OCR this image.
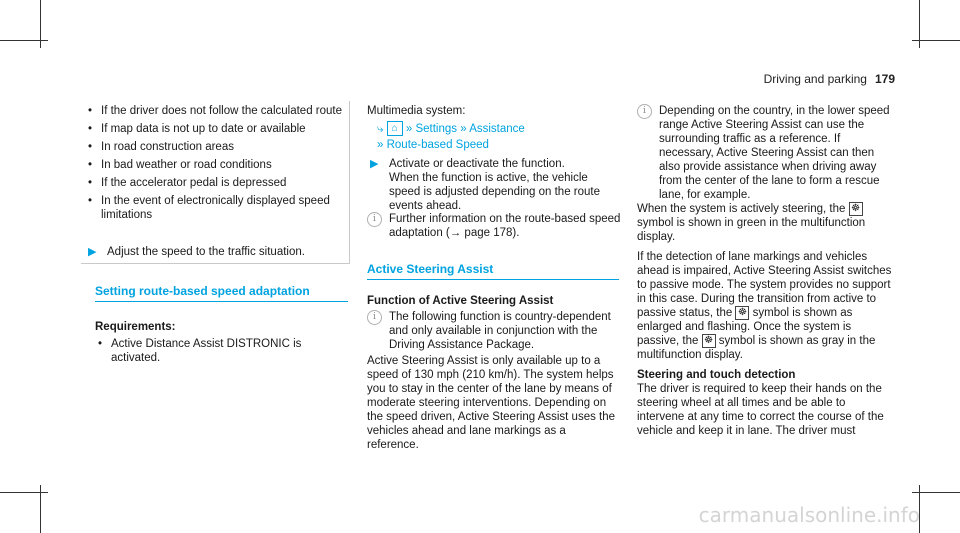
Driving and parking 179
• If the driver does not follow the calculated route
• If map data is not up to date or available
• In road construction areas
• In bad weather or road conditions
• If the accelerator pedal is depressed
• In the event of electronically displayed speed limitations
▶ Adjust the speed to the traffic situation.
Setting route-based speed adaptation
Requirements:
• Active Distance Assist DISTRONIC is activated.
Multimedia system:
⤷ ⌂ » Settings » Assistance
» Route-based Speed
▶ Activate or deactivate the function.
When the function is active, the vehicle speed is adjusted depending on the route events ahead.
i	Further information on the route-based speed adaptation (→ page 178).
Active Steering Assist
Function of Active Steering Assist
i	The following function is country-dependent and only available in conjunction with the Driving Assistance Package.
Active Steering Assist is only available up to a speed of 130 mph (210 km/h). The system helps you to stay in the center of the lane by means of moderate steering interventions. Depending on the speed driven, Active Steering Assist uses the vehicles ahead and lane markings as a reference.
i	Depending on the country, in the lower speed range Active Steering Assist can use the surrounding traffic as a reference. If necessary, Active Steering Assist can then also provide assistance when driving away from the center of the lane to form a rescue lane, for example.
When the system is actively steering, the ☸ symbol is shown in green in the multifunction display.
If the detection of lane markings and vehicles ahead is impaired, Active Steering Assist switches to passive mode. The system provides no support in this case. During the transition from active to passive status, the ☸ symbol is shown as enlarged and flashing. Once the system is passive, the ☸ symbol is shown as gray in the multifunction display.
Steering and touch detection
The driver is required to keep their hands on the steering wheel at all times and be able to intervene at any time to correct the course of the vehicle and keep it in lane. The driver must
carmanualsonline.info
